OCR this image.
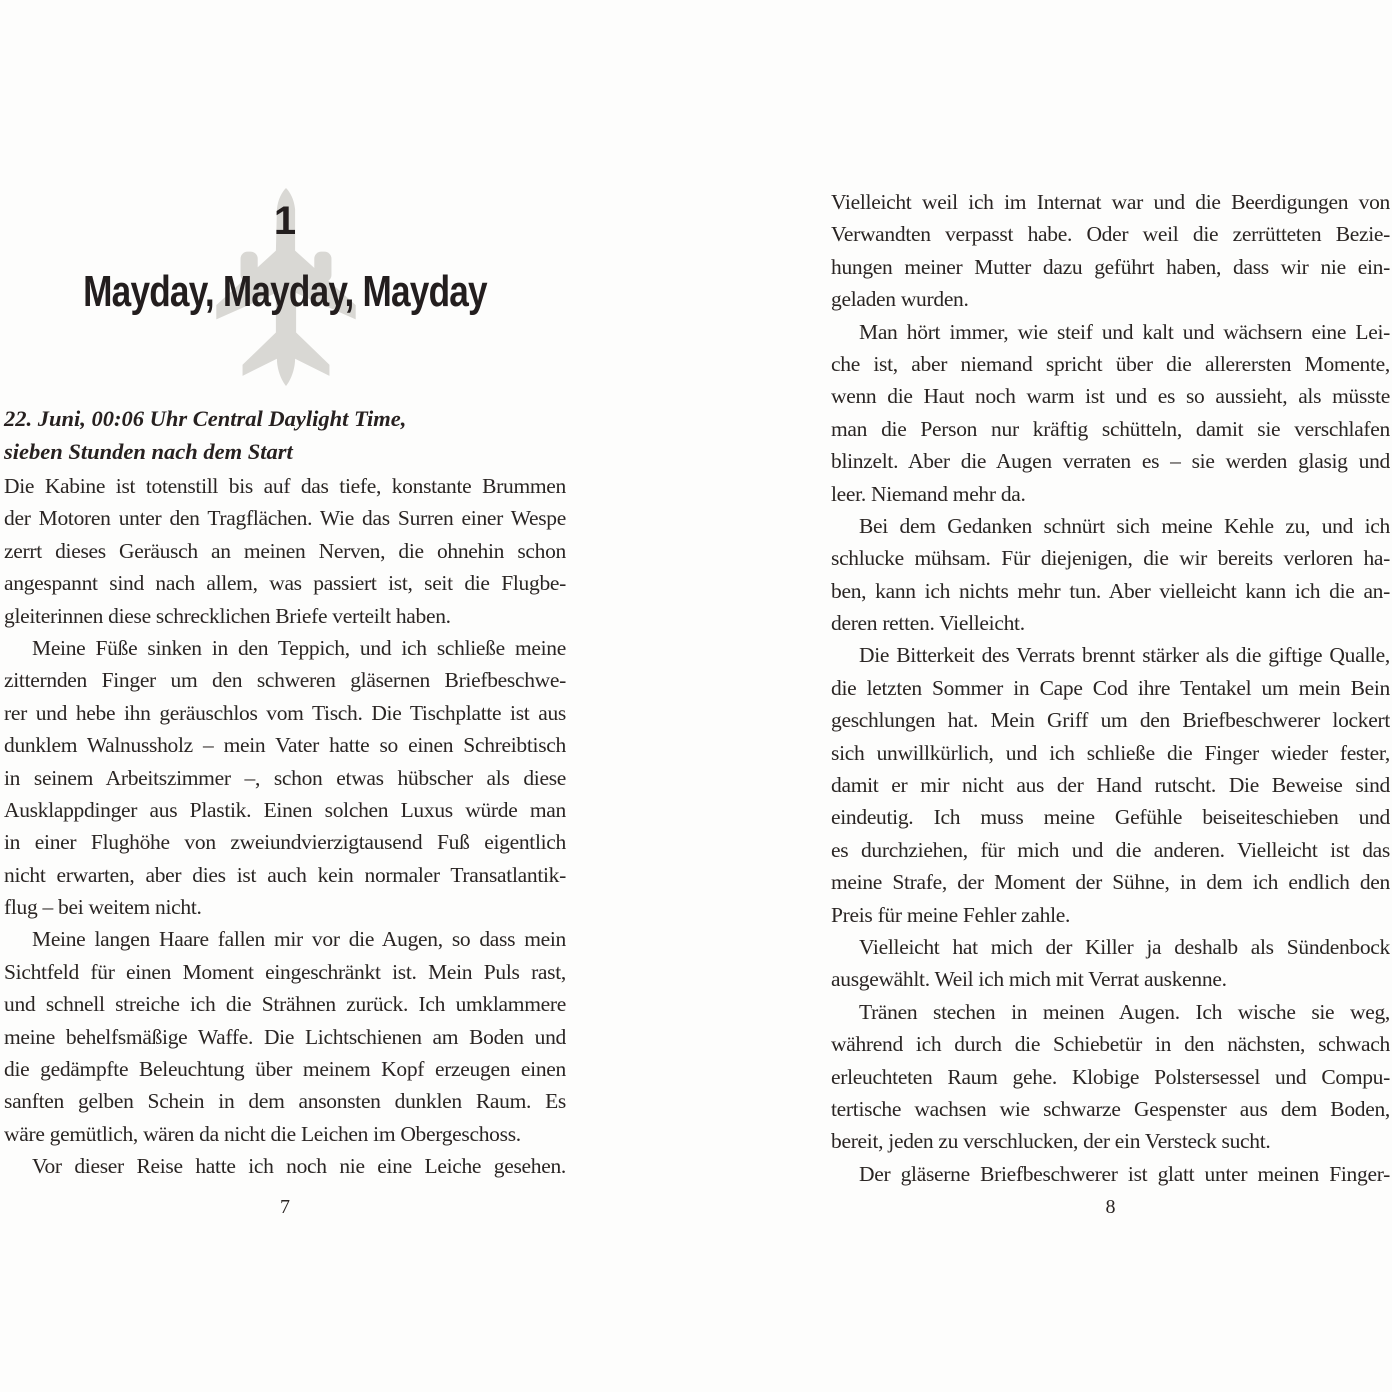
1
Mayday, Mayday, Mayday
22. Juni, 00:06 Uhr Central Daylight Time,
sieben Stunden nach dem Start
Die Kabine ist totenstill bis auf das tiefe, konstante Brummen
der Motoren unter den Tragflächen. Wie das Surren einer Wespe
zerrt dieses Geräusch an meinen Nerven, die ohnehin schon
angespannt sind nach allem, was passiert ist, seit die Flugbe-
gleiterinnen diese schrecklichen Briefe verteilt haben.
Meine Füße sinken in den Teppich, und ich schließe meine
zitternden Finger um den schweren gläsernen Briefbeschwe-
rer und hebe ihn geräuschlos vom Tisch. Die Tischplatte ist aus
dunklem Walnussholz – mein Vater hatte so einen Schreibtisch
in seinem Arbeitszimmer –, schon etwas hübscher als diese
Ausklappdinger aus Plastik. Einen solchen Luxus würde man
in einer Flughöhe von zweiundvierzigtausend Fuß eigentlich
nicht erwarten, aber dies ist auch kein normaler Transatlantik-
flug – bei weitem nicht.
Meine langen Haare fallen mir vor die Augen, so dass mein
Sichtfeld für einen Moment eingeschränkt ist. Mein Puls rast,
und schnell streiche ich die Strähnen zurück. Ich umklammere
meine behelfsmäßige Waffe. Die Lichtschienen am Boden und
die gedämpfte Beleuchtung über meinem Kopf erzeugen einen
sanften gelben Schein in dem ansonsten dunklen Raum. Es
wäre gemütlich, wären da nicht die Leichen im Obergeschoss.
Vor dieser Reise hatte ich noch nie eine Leiche gesehen.
7
Vielleicht weil ich im Internat war und die Beerdigungen von
Verwandten verpasst habe. Oder weil die zerrütteten Bezie-
hungen meiner Mutter dazu geführt haben, dass wir nie ein-
geladen wurden.
Man hört immer, wie steif und kalt und wächsern eine Lei-
che ist, aber niemand spricht über die allerersten Momente,
wenn die Haut noch warm ist und es so aussieht, als müsste
man die Person nur kräftig schütteln, damit sie verschlafen
blinzelt. Aber die Augen verraten es – sie werden glasig und
leer. Niemand mehr da.
Bei dem Gedanken schnürt sich meine Kehle zu, und ich
schlucke mühsam. Für diejenigen, die wir bereits verloren ha-
ben, kann ich nichts mehr tun. Aber vielleicht kann ich die an-
deren retten. Vielleicht.
Die Bitterkeit des Verrats brennt stärker als die giftige Qualle,
die letzten Sommer in Cape Cod ihre Tentakel um mein Bein
geschlungen hat. Mein Griff um den Briefbeschwerer lockert
sich unwillkürlich, und ich schließe die Finger wieder fester,
damit er mir nicht aus der Hand rutscht. Die Beweise sind
eindeutig. Ich muss meine Gefühle beiseiteschieben und
es durchziehen, für mich und die anderen. Vielleicht ist das
meine Strafe, der Moment der Sühne, in dem ich endlich den
Preis für meine Fehler zahle.
Vielleicht hat mich der Killer ja deshalb als Sündenbock
ausgewählt. Weil ich mich mit Verrat auskenne.
Tränen stechen in meinen Augen. Ich wische sie weg,
während ich durch die Schiebetür in den nächsten, schwach
erleuchteten Raum gehe. Klobige Polstersessel und Compu-
tertische wachsen wie schwarze Gespenster aus dem Boden,
bereit, jeden zu verschlucken, der ein Versteck sucht.
Der gläserne Briefbeschwerer ist glatt unter meinen Finger-
8
